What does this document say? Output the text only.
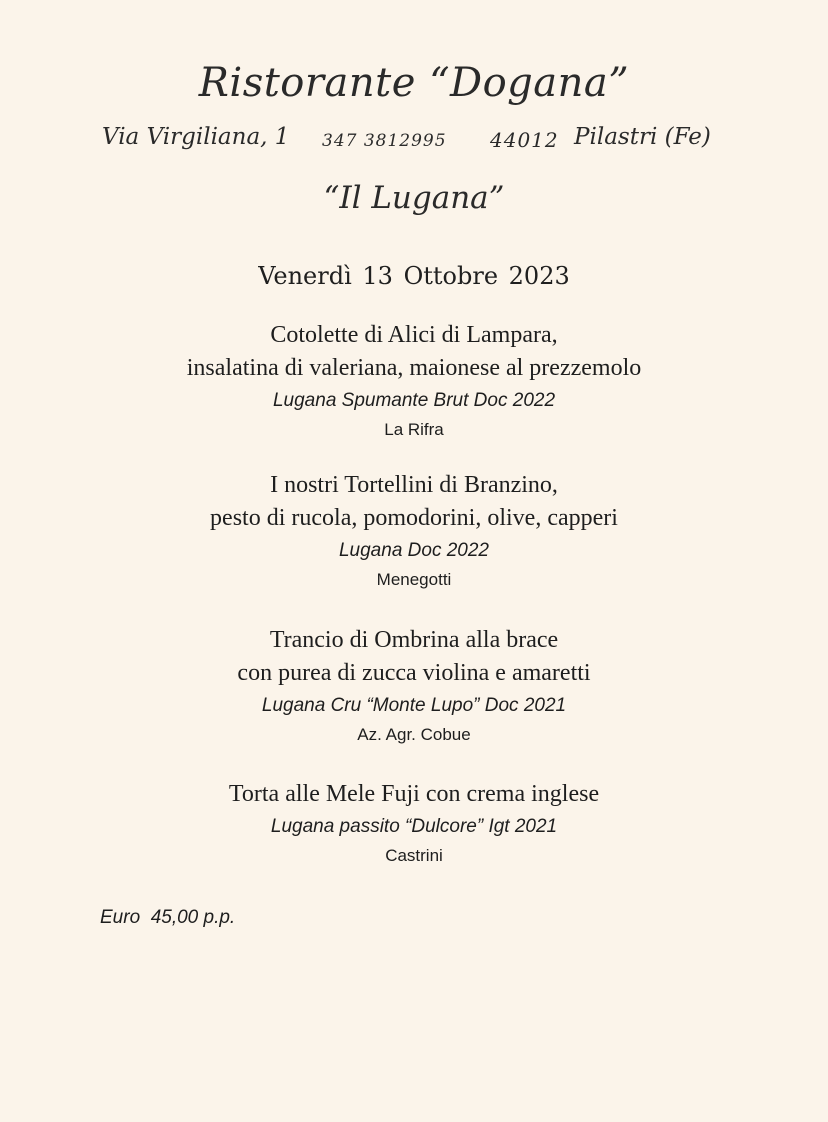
Ristorante “Dogana”
Via Virgiliana, 1 347 3812995 44012 Pilastri (Fe)
“Il Lugana”
Venerdì 13 Ottobre 2023
Cotolette di Alici di Lampara,
insalatina di valeriana, maionese al prezzemolo
Lugana Spumante Brut Doc 2022
La Rifra
I nostri Tortellini di Branzino,
pesto di rucola, pomodorini, olive, capperi
Lugana Doc 2022
Menegotti
Trancio di Ombrina alla brace
con purea di zucca violina e amaretti
Lugana Cru “Monte Lupo” Doc 2021
Az. Agr. Cobue
Torta alle Mele Fuji con crema inglese
Lugana passito “Dulcore” Igt 2021
Castrini
Euro  45,00 p.p.
